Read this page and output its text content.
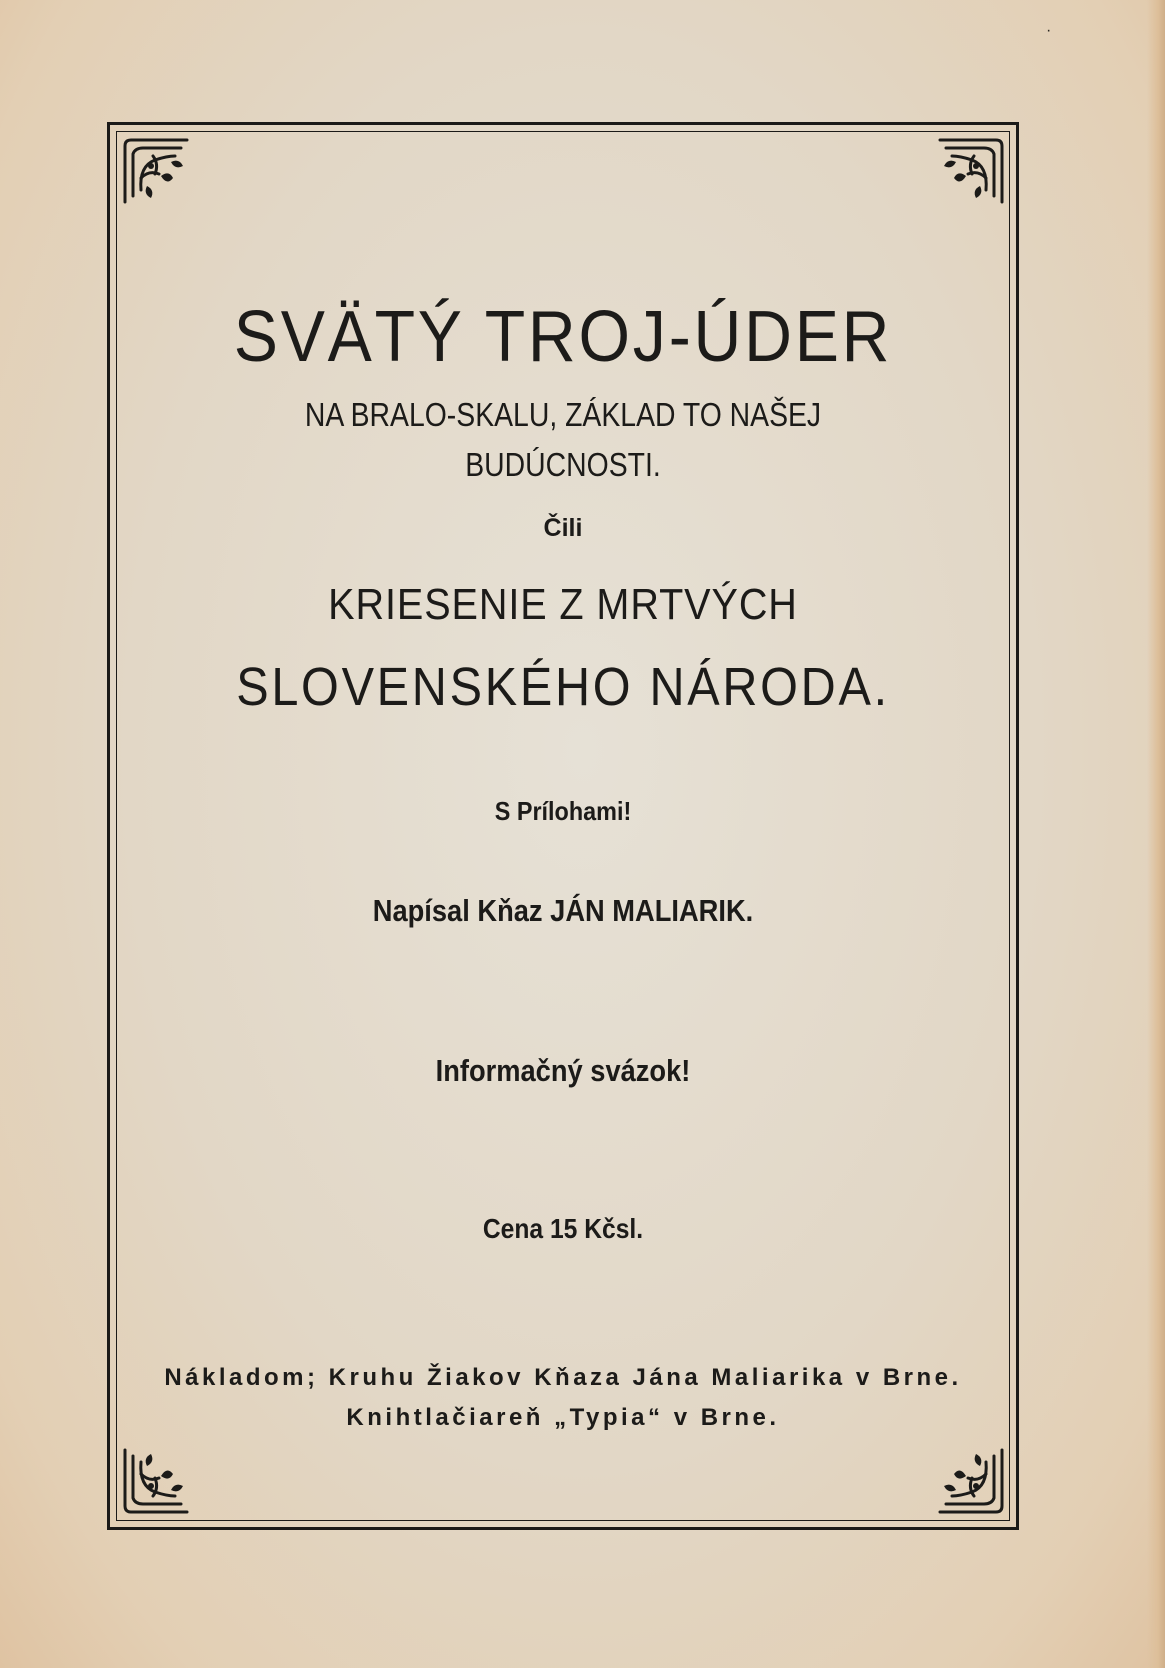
·
SVÄTÝ TROJ-ÚDER
NA BRALO-SKALU, ZÁKLAD TO NAŠEJ
BUDÚCNOSTI.
Čili
KRIESENIE Z MRTVÝCH
SLOVENSKÉHO NÁRODA.
S Prílohami!
Napísal Kňaz JÁN MALIARIK.
Informačný svázok!
Cena 15 Kčsl.
Nákladom; Kruhu Žiakov Kňaza Jána Maliarika v Brne.
Knihtlačiareň „Typia“ v Brne.
